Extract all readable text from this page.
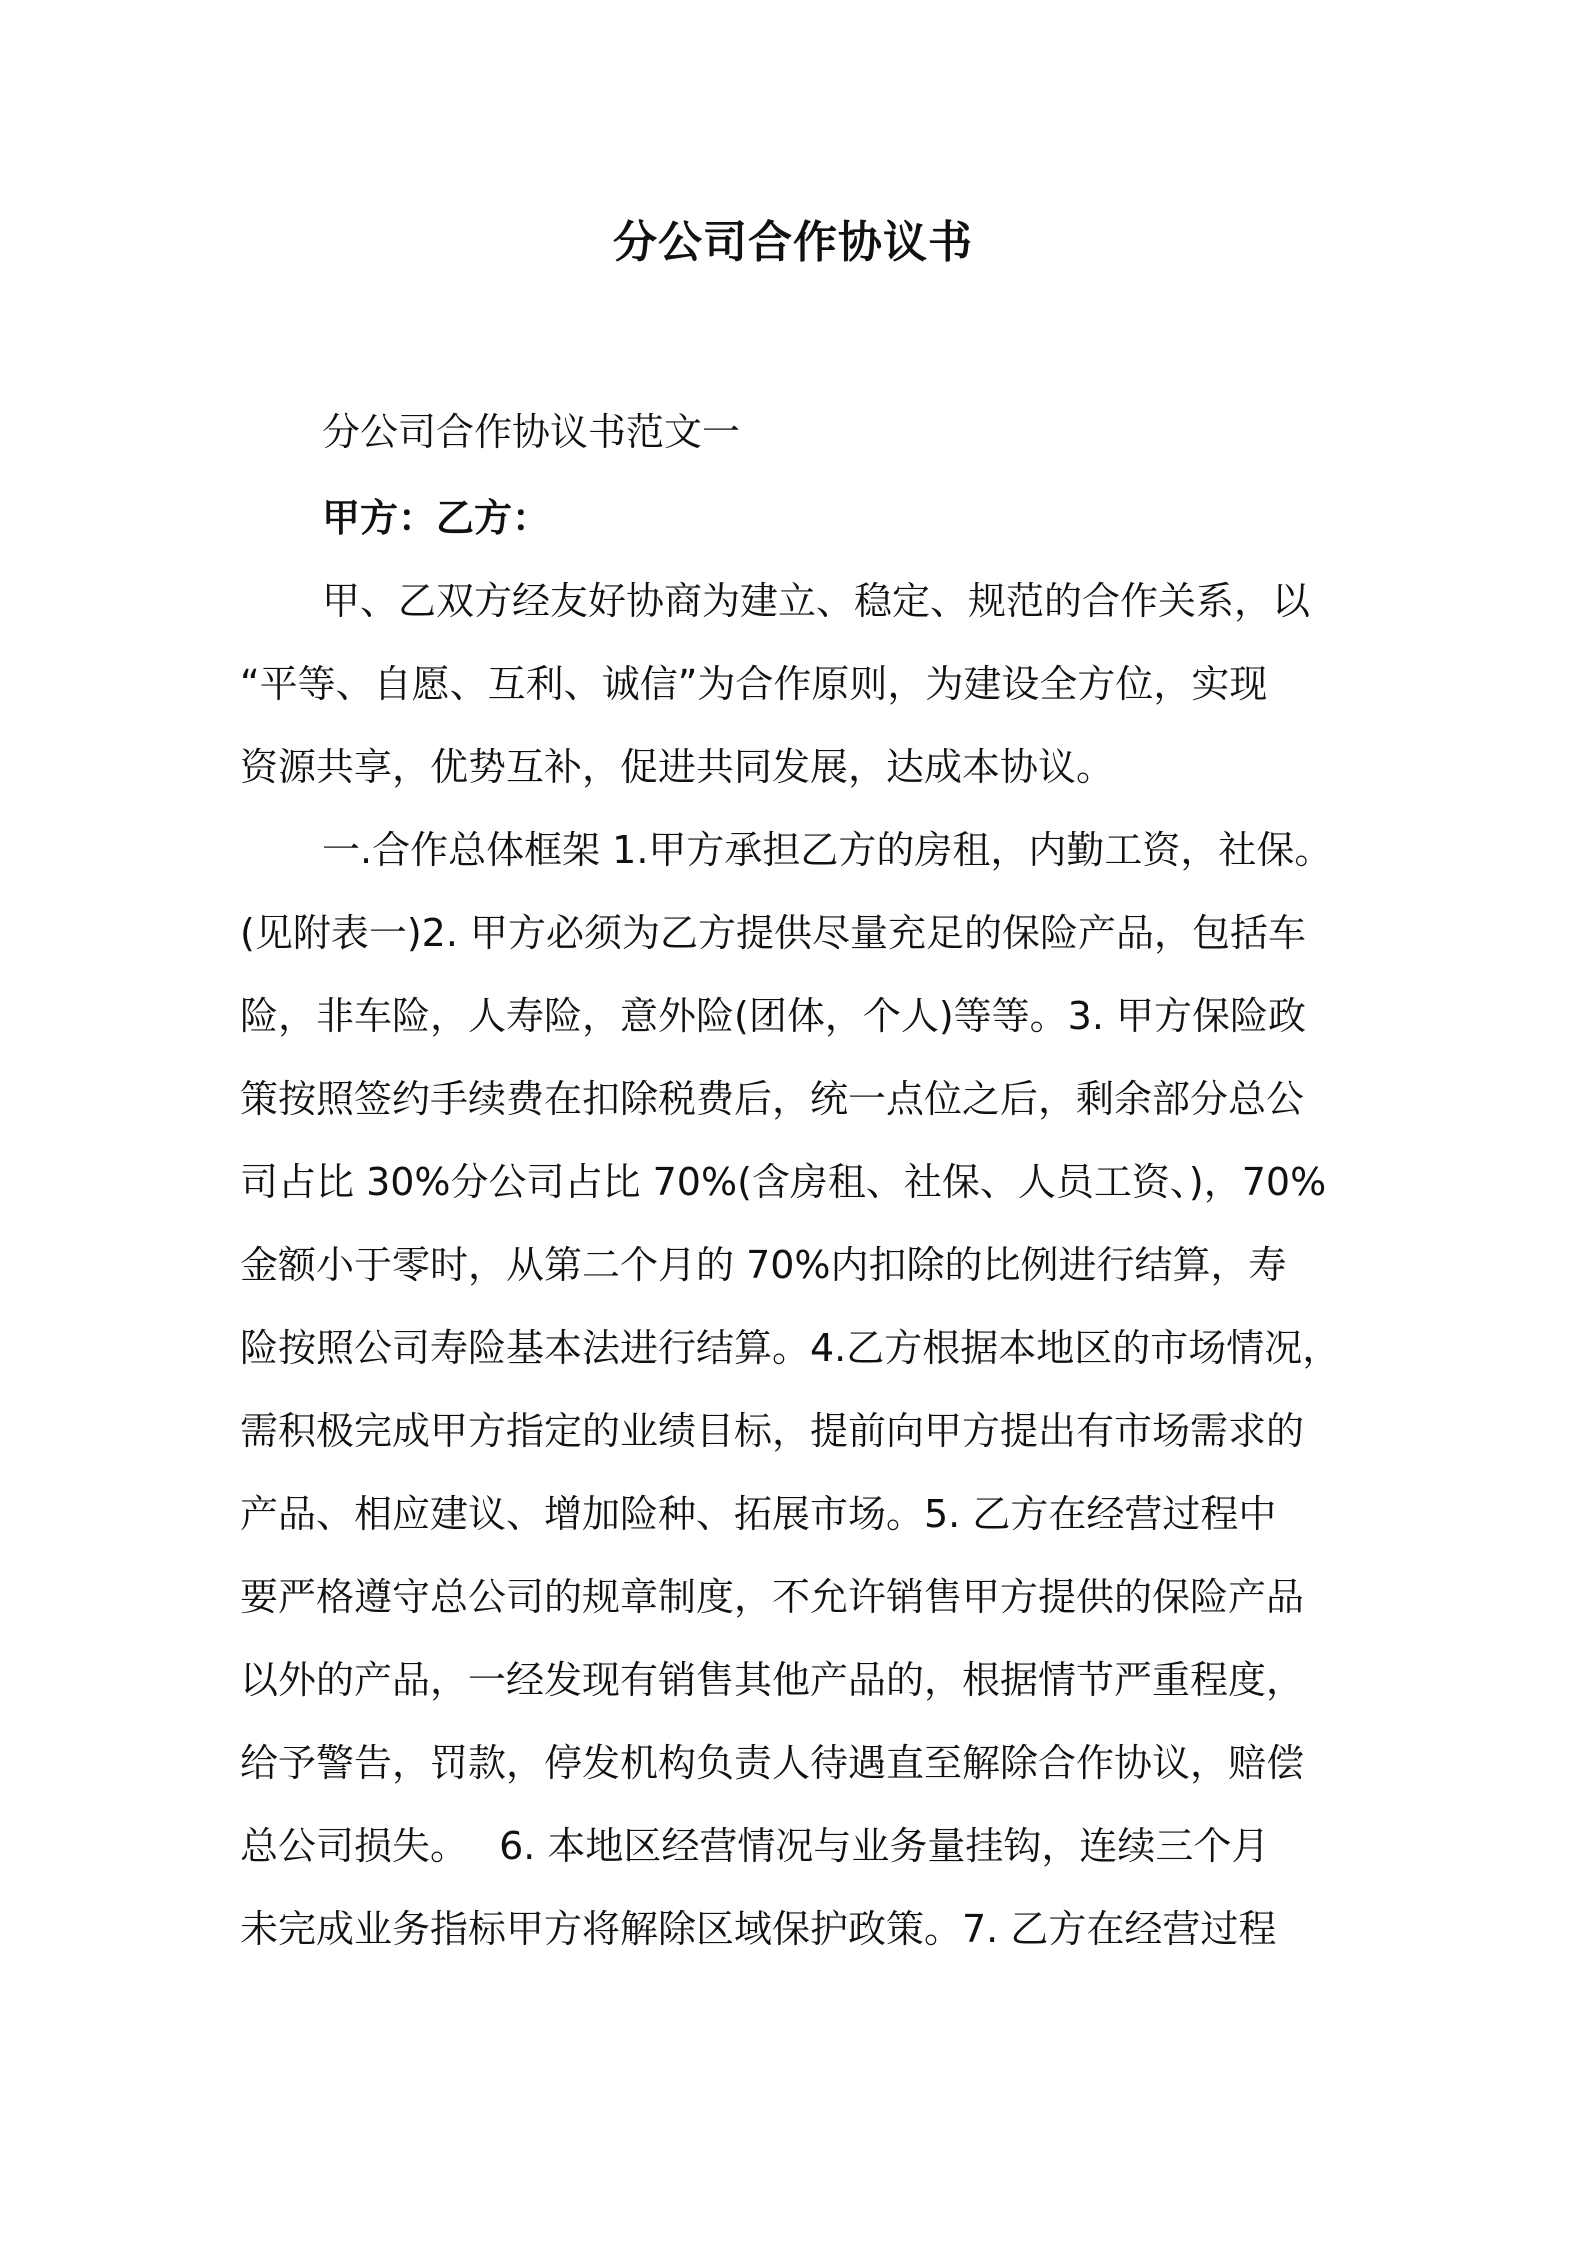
分公司合作协议书
分公司合作协议书范文一
甲方：乙方：
甲、乙双方经友好协商为建立、稳定、规范的合作关系，以
“平等、自愿、互利、诚信”为合作原则，为建设全方位，实现
资源共享，优势互补，促进共同发展，达成本协议。
一.合作总体框架 1.甲方承担乙方的房租，内勤工资，社保。
(见附表一)2. 甲方必须为乙方提供尽量充足的保险产品，包括车
险，非车险，人寿险，意外险(团体，个人)等等。3. 甲方保险政
策按照签约手续费在扣除税费后，统一点位之后，剩余部分总公
司占比 30%分公司占比 70%(含房租、社保、人员工资、)，70%
金额小于零时，从第二个月的 70%内扣除的比例进行结算，寿
险按照公司寿险基本法进行结算。4.乙方根据本地区的市场情况，
需积极完成甲方指定的业绩目标，提前向甲方提出有市场需求的
产品、相应建议、增加险种、拓展市场。5. 乙方在经营过程中
要严格遵守总公司的规章制度，不允许销售甲方提供的保险产品
以外的产品，一经发现有销售其他产品的，根据情节严重程度，
给予警告，罚款，停发机构负责人待遇直至解除合作协议，赔偿
总公司损失。　 6. 本地区经营情况与业务量挂钩，连续三个月
未完成业务指标甲方将解除区域保护政策。7. 乙方在经营过程
